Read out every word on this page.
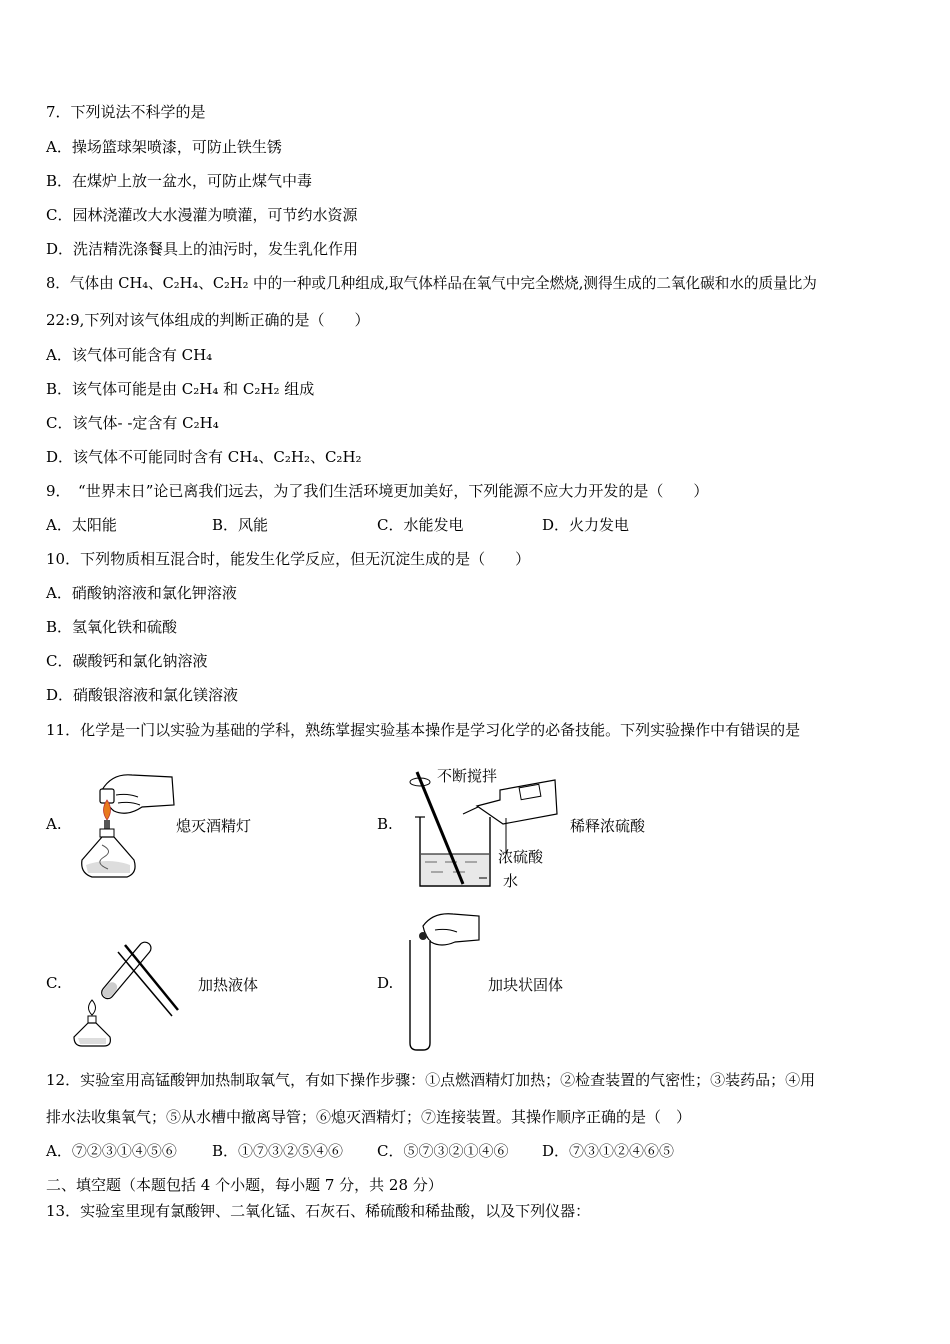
7．下列说法不科学的是
A．操场篮球架喷漆，可防止铁生锈
B．在煤炉上放一盆水，可防止煤气中毒
C．园林浇灌改大水漫灌为喷灌，可节约水资源
D．洗洁精洗涤餐具上的油污时，发生乳化作用
8．气体由 CH₄、C₂H₄、C₂H₂ 中的一种或几种组成,取气体样品在氧气中完全燃烧,测得生成的二氧化碳和水的质量比为
22:9,下列对该气体组成的判断正确的是（　　）
A．该气体可能含有 CH₄
B．该气体可能是由 C₂H₄ 和 C₂H₂ 组成
C．该气体- -定含有 C₂H₄
D．该气体不可能同时含有 CH₄、C₂H₂、C₂H₂
9．　“世界末日”论已离我们远去，为了我们生活环境更加美好，下列能源不应大力开发的是（　　）
A．太阳能	B．风能	C．水能发电	D．火力发电
10．下列物质相互混合时，能发生化学反应，但无沉淀生成的是（　　）
A．硝酸钠溶液和氯化钾溶液
B．氢氧化铁和硫酸
C．碳酸钙和氯化钠溶液
D．硝酸银溶液和氯化镁溶液
11．化学是一门以实验为基础的学科，熟练掌握实验基本操作是学习化学的必备技能。下列实验操作中有错误的是
A.	熄灭酒精灯	B.
不断搅拌
浓硫酸
水
稀释浓硫酸
C.	加热液体	D.	加块状固体
12．实验室用高锰酸钾加热制取氧气，有如下操作步骤：①点燃酒精灯加热；②检查装置的气密性；③装药品；④用
排水法收集氧气；⑤从水槽中撤离导管；⑥熄灭酒精灯；⑦连接装置。其操作顺序正确的是（　）
A．⑦②③①④⑤⑥ B．①⑦③②⑤④⑥ C．⑤⑦③②①④⑥ D．⑦③①②④⑥⑤
二、填空题（本题包括 4 个小题，每小题 7 分，共 28 分）
13．实验室里现有氯酸钾、二氧化锰、石灰石、稀硫酸和稀盐酸，以及下列仪器：
